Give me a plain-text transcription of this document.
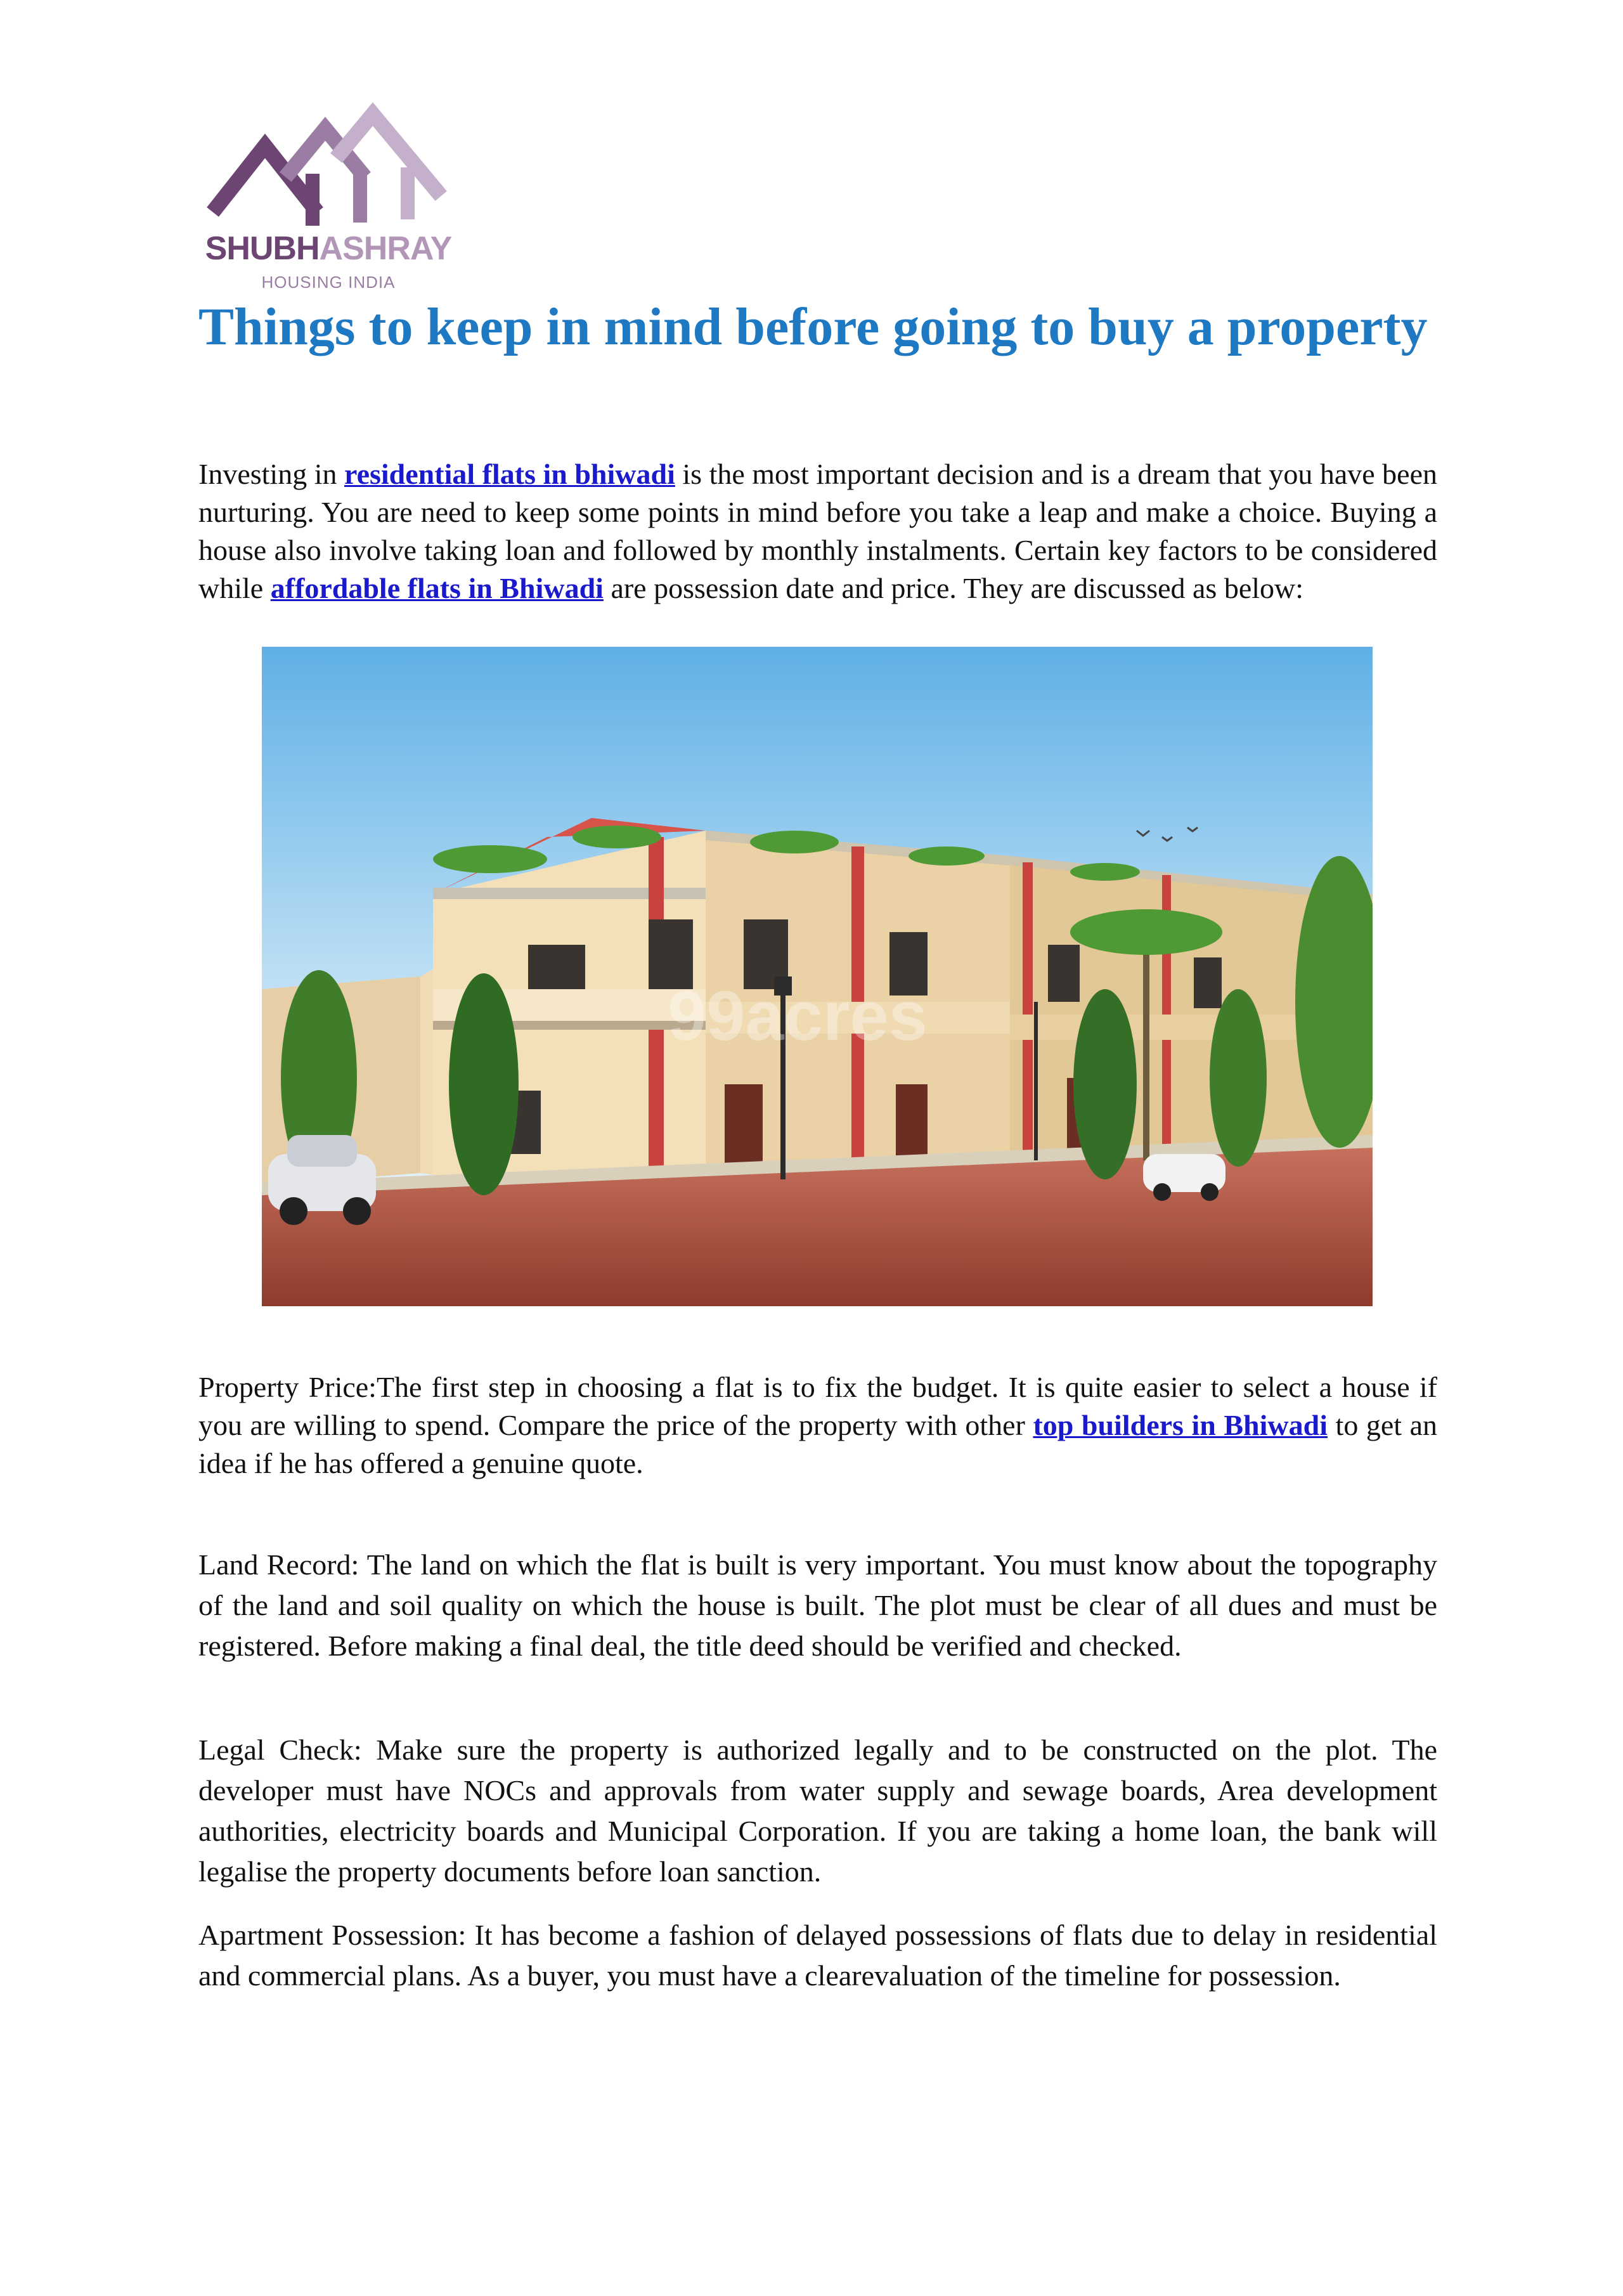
SHUBHASHRAY
HOUSING INDIA
Things to keep in mind before going to buy a property

Investing in residential flats in bhiwadi is the most important decision and is a dream that you have been nurturing. You are need to keep some points in mind before you take a leap and make a choice. Buying a house also involve taking loan and followed by monthly instalments. Certain key factors to be considered while affordable flats in Bhiwadi are possession date and price. They are discussed as below:

99acres

Property Price:The first step in choosing a flat is to fix the budget. It is quite easier to select a house if you are willing to spend. Compare the price of the property with other top builders in Bhiwadi to get an idea if he has offered a genuine quote.

Land Record: The land on which the flat is built is very important. You must know about the topography of the land and soil quality on which the house is built. The plot must be clear of all dues and must be registered. Before making a final deal, the title deed should be verified and checked.

Legal Check: Make sure the property is authorized legally and to be constructed on the plot. The developer must have NOCs and approvals from water supply and sewage boards, Area development authorities, electricity boards and Municipal Corporation. If you are taking a home loan, the bank will legalise the property documents before loan sanction.

Apartment Possession: It has become a fashion of delayed possessions of flats due to delay in residential and commercial plans. As a buyer, you must have a clearevaluation of the timeline for possession.
